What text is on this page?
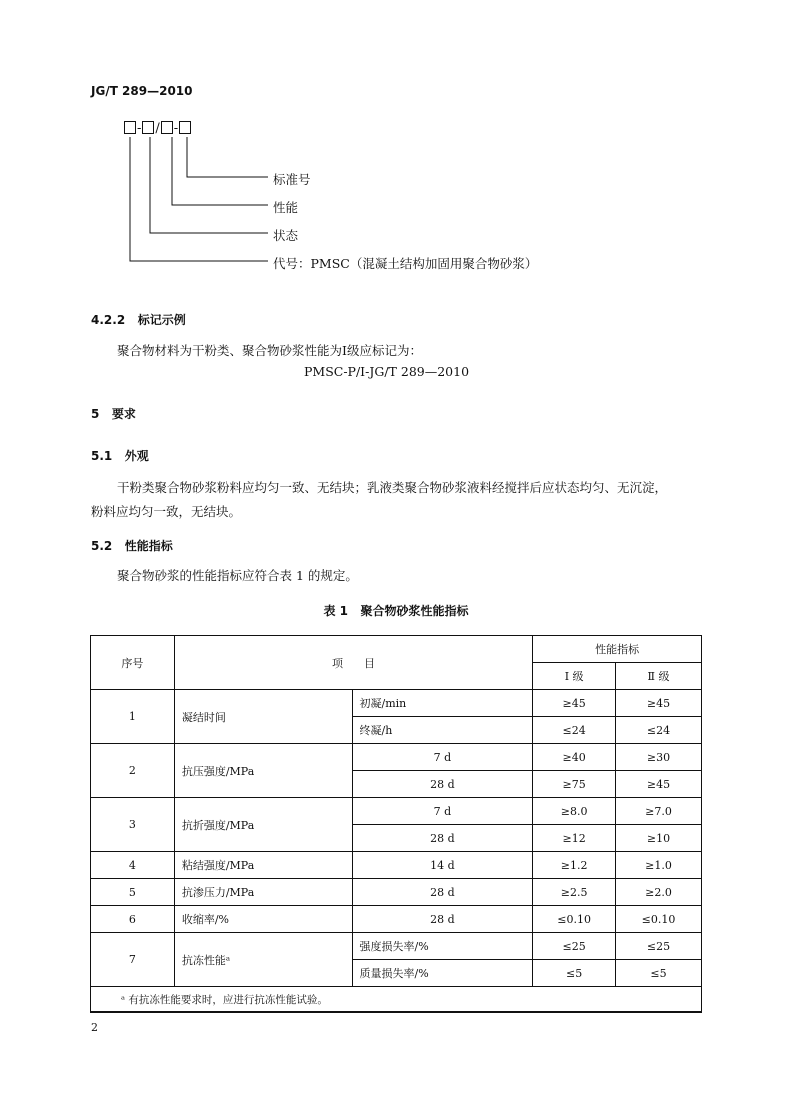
JG/T 289—2010
- / -
标准号
性能
状态
代号：PMSC（混凝土结构加固用聚合物砂浆）
4.2.2   标记示例
聚合物材料为干粉类、聚合物砂浆性能为Ⅰ级应标记为：
PMSC-P/Ⅰ-JG/T 289—2010
5   要求
5.1   外观
干粉类聚合物砂浆粉料应均匀一致、无结块；乳液类聚合物砂浆液料经搅拌后应状态均匀、无沉淀，
粉料应均匀一致，无结块。
5.2   性能指标
聚合物砂浆的性能指标应符合表 1 的规定。
表 1   聚合物砂浆性能指标
序号	项      目		性能指标	
			Ⅰ 级	Ⅱ 级
1	凝结时间	初凝/min	≥45	≥45
		终凝/h	≤24	≤24
2	抗压强度/MPa	7 d	≥40	≥30
		28 d	≥75	≥45
3	抗折强度/MPa	7 d	≥8.0	≥7.0
		28 d	≥12	≥10
4	粘结强度/MPa	14 d	≥1.2	≥1.0
5	抗渗压力/MPa	28 d	≥2.5	≥2.0
6	收缩率/%	28 d	≤0.10	≤0.10
7	抗冻性能ᵃ	强度损失率/%	≤25	≤25
		质量损失率/%	≤5	≤5
ᵃ 有抗冻性能要求时，应进行抗冻性能试验。				
2
